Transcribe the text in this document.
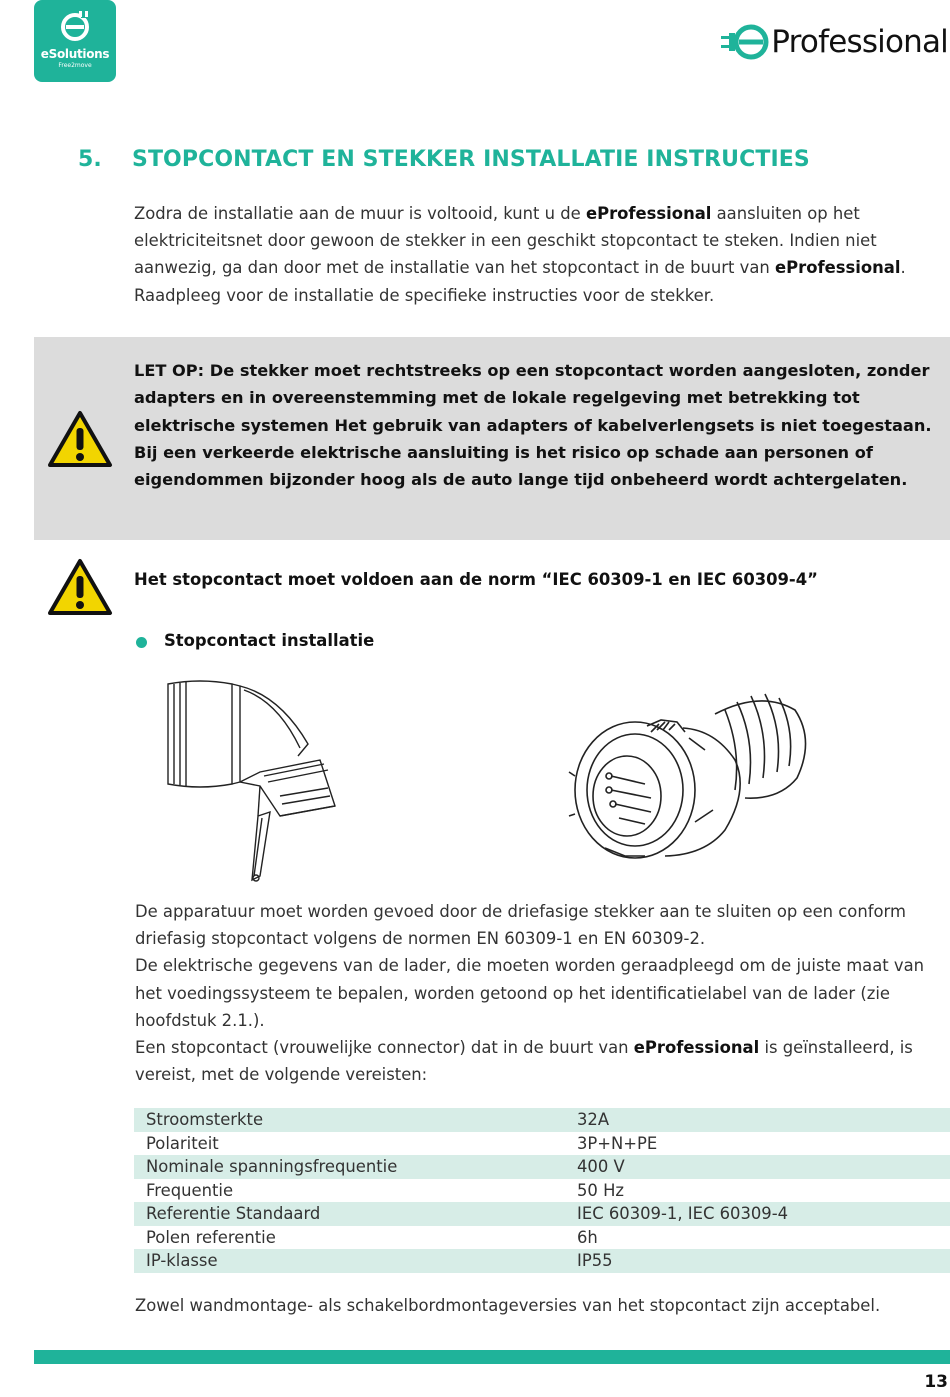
eSolutions
Free2move
Professional
5.	STOPCONTACT EN STEKKER INSTALLATIE INSTRUCTIES

Zodra de installatie aan de muur is voltooid, kunt u de eProfessional aansluiten op het elektriciteitsnet door gewoon de stekker in een geschikt stopcontact te steken. Indien niet aanwezig, ga dan door met de installatie van het stopcontact in de buurt van eProfessional. Raadpleeg voor de installatie de specifieke instructies voor de stekker.

LET OP: De stekker moet rechtstreeks op een stopcontact worden aangesloten, zonder adapters en in overeenstemming met de lokale regelgeving met betrekking tot elektrische systemen Het gebruik van adapters of kabelverlengsets is niet toegestaan.
Bij een verkeerde elektrische aansluiting is het risico op schade aan personen of eigendommen bijzonder hoog als de auto lange tijd onbeheerd wordt achtergelaten.
Het stopcontact moet voldoen aan de norm “IEC 60309-1 en IEC 60309-4”
Stopcontact installatie

De apparatuur moet worden gevoed door de driefasige stekker aan te sluiten op een conform driefasig stopcontact volgens de normen EN 60309-1 en EN 60309-2.

De elektrische gegevens van de lader, die moeten worden geraadpleegd om de juiste maat van het voedingssysteem te bepalen, worden getoond op het identificatielabel van de lader (zie hoofdstuk 2.1.).

Een stopcontact (vrouwelijke connector) dat in de buurt van eProfessional is geïnstalleerd, is vereist, met de volgende vereisten:

Stroomsterkte	32A
Polariteit	3P+N+PE
Nominale spanningsfrequentie	400 V
Frequentie	50 Hz
Referentie Standaard	IEC 60309-1, IEC 60309-4
Polen referentie	6h
IP-klasse	IP55
Zowel wandmontage- als schakelbordmontageversies van het stopcontact zijn acceptabel.
13
